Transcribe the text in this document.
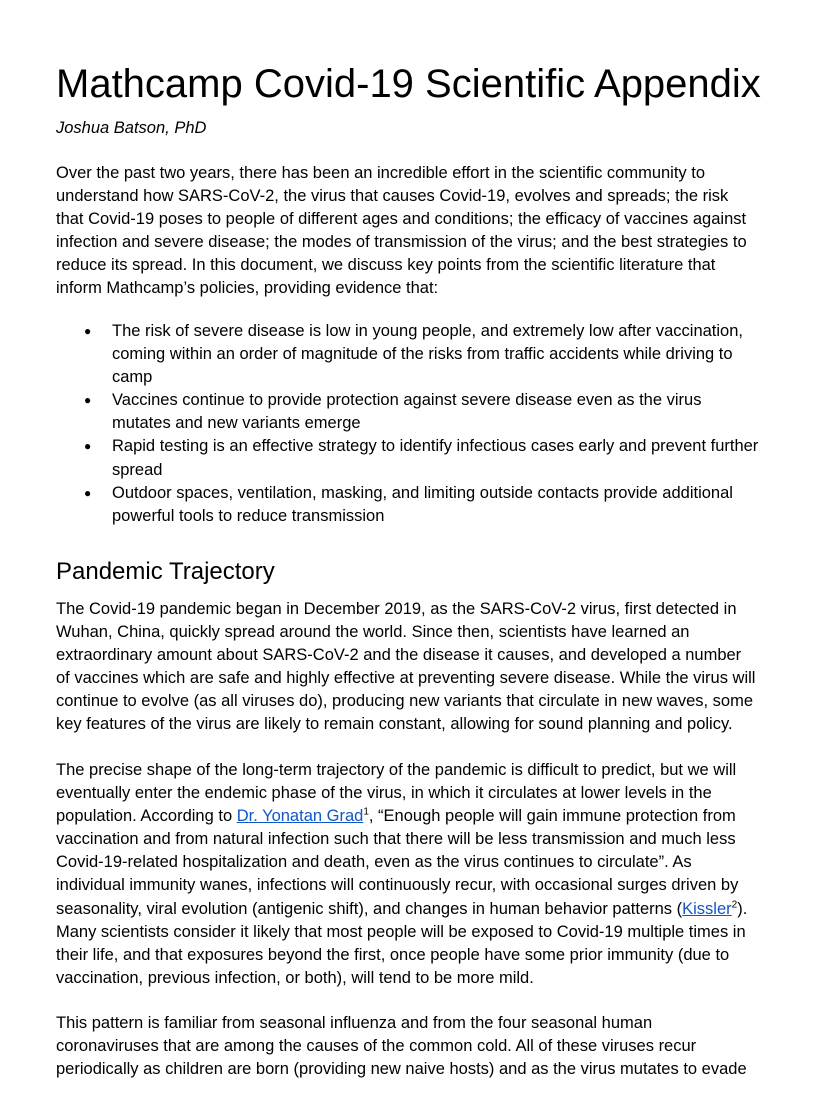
Mathcamp Covid-19 Scientific Appendix

Joshua Batson, PhD

Over the past two years, there has been an incredible effort in the scientific community to
understand how SARS-CoV-2, the virus that causes Covid-19, evolves and spreads; the risk
that Covid-19 poses to people of different ages and conditions; the efficacy of vaccines against
infection and severe disease; the modes of transmission of the virus; and the best strategies to
reduce its spread. In this document, we discuss key points from the scientific literature that
inform Mathcamp’s policies, providing evidence that:
● The risk of severe disease is low in young people, and extremely low after vaccination,
coming within an order of magnitude of the risks from traffic accidents while driving to
camp
● Vaccines continue to provide protection against severe disease even as the virus
mutates and new variants emerge
● Rapid testing is an effective strategy to identify infectious cases early and prevent further
spread
● Outdoor spaces, ventilation, masking, and limiting outside contacts provide additional
powerful tools to reduce transmission
Pandemic Trajectory
The Covid-19 pandemic began in December 2019, as the SARS-CoV-2 virus, first detected in
Wuhan, China, quickly spread around the world. Since then, scientists have learned an
extraordinary amount about SARS-CoV-2 and the disease it causes, and developed a number
of vaccines which are safe and highly effective at preventing severe disease. While the virus will
continue to evolve (as all viruses do), producing new variants that circulate in new waves, some
key features of the virus are likely to remain constant, allowing for sound planning and policy.
The precise shape of the long-term trajectory of the pandemic is difficult to predict, but we will
eventually enter the endemic phase of the virus, in which it circulates at lower levels in the
population. According to Dr. Yonatan Grad$^1$, “Enough people will gain immune protection from
vaccination and from natural infection such that there will be less transmission and much less
Covid-19-related hospitalization and death, even as the virus continues to circulate”. As
individual immunity wanes, infections will continuously recur, with occasional surges driven by
seasonality, viral evolution (antigenic shift), and changes in human behavior patterns (Kissler$^2$).
Many scientists consider it likely that most people will be exposed to Covid-19 multiple times in
their life, and that exposures beyond the first, once people have some prior immunity (due to
vaccination, previous infection, or both), will tend to be more mild.
This pattern is familiar from seasonal influenza and from the four seasonal human
coronaviruses that are among the causes of the common cold. All of these viruses recur
periodically as children are born (providing new naive hosts) and as the virus mutates to evade
